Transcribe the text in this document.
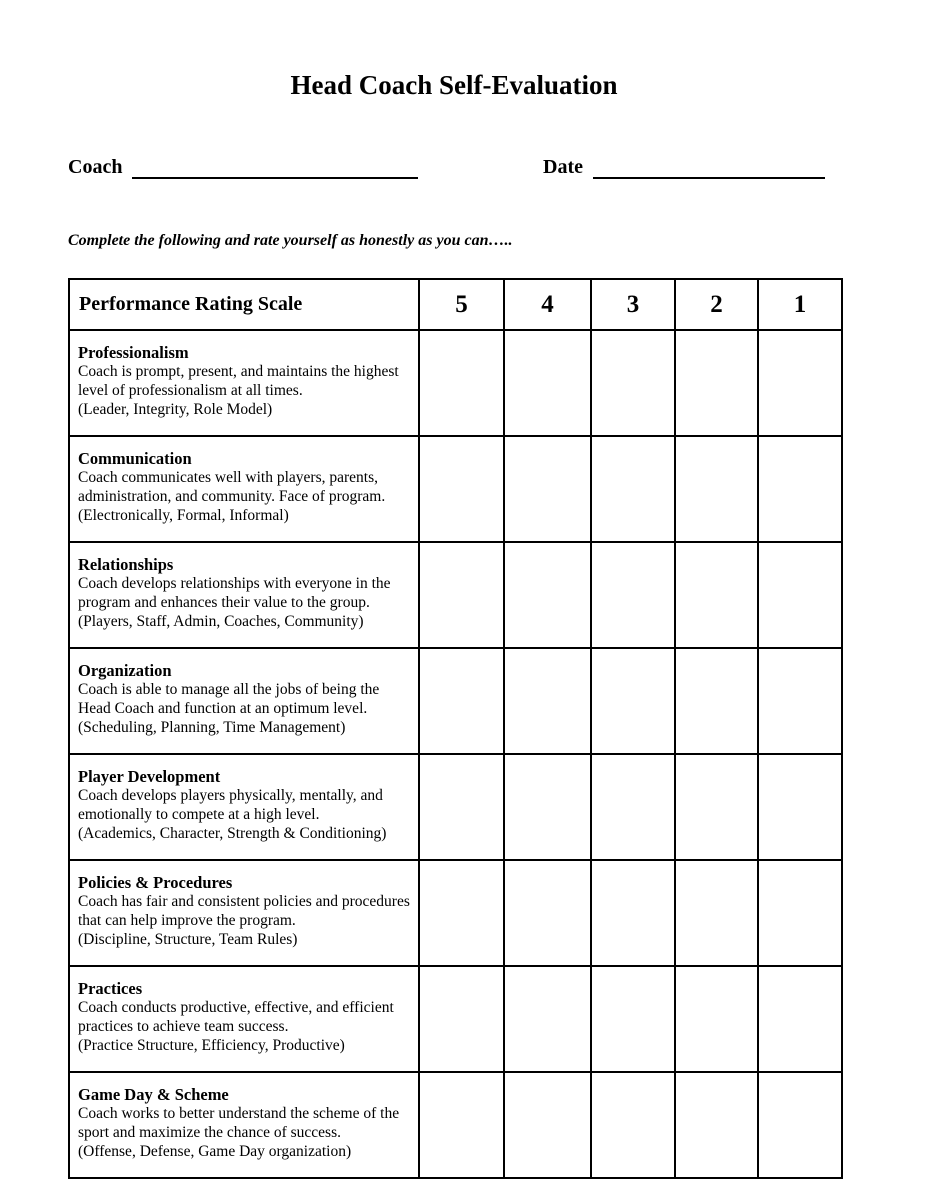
Head Coach Self-Evaluation
Coach	Date

Complete the following and rate yourself as honestly as you can…..

Performance Rating Scale	5	4	3	2	1

Professionalism
Coach is prompt, present, and maintains the highest level of professionalism at all times.
(Leader, Integrity, Role Model)					

Communication
Coach communicates well with players, parents, administration, and community. Face of program.
(Electronically, Formal, Informal)					

Relationships
Coach develops relationships with everyone in the program and enhances their value to the group.
(Players, Staff, Admin, Coaches, Community)					

Organization
Coach is able to manage all the jobs of being the Head Coach and function at an optimum level.
(Scheduling, Planning, Time Management)					

Player Development
Coach develops players physically, mentally, and emotionally to compete at a high level.
(Academics, Character, Strength & Conditioning)					

Policies & Procedures
Coach has fair and consistent policies and procedures that can help improve the program.
(Discipline, Structure, Team Rules)					

Practices
Coach conducts productive, effective, and efficient practices to achieve team success.
(Practice Structure, Efficiency, Productive)					

Game Day & Scheme
Coach works to better understand the scheme of the sport and maximize the chance of success.
(Offense, Defense, Game Day organization)					
